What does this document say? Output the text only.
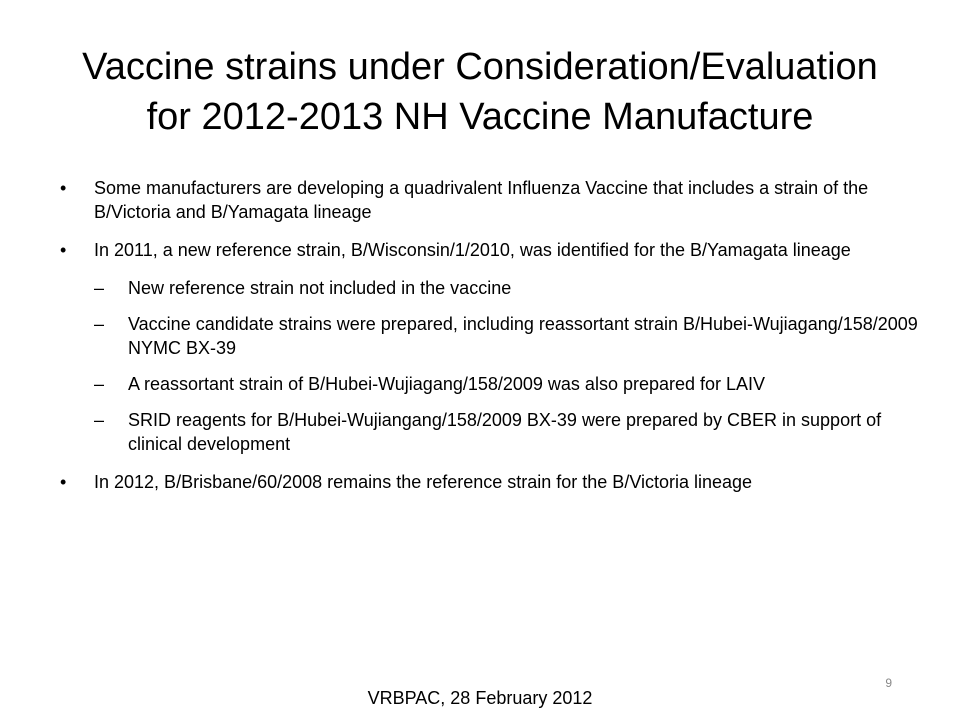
Vaccine strains under Consideration/Evaluation
for 2012-2013 NH Vaccine Manufacture
•	Some manufacturers are developing a quadrivalent Influenza Vaccine that includes a strain of the B/Victoria and B/Yamagata lineage
•	In 2011, a new reference strain, B/Wisconsin/1/2010, was identified for the B/Yamagata lineage
– New reference strain not included in the vaccine
– Vaccine candidate strains were prepared, including reassortant strain B/Hubei-Wujiagang/158/2009 NYMC BX-39
– A reassortant strain of B/Hubei-Wujiagang/158/2009 was also prepared for LAIV
– SRID reagents for B/Hubei-Wujiangang/158/2009 BX-39 were prepared by CBER in support of clinical development
•	In 2012, B/Brisbane/60/2008 remains the reference strain for the B/Victoria lineage
9
VRBPAC, 28 February 2012
